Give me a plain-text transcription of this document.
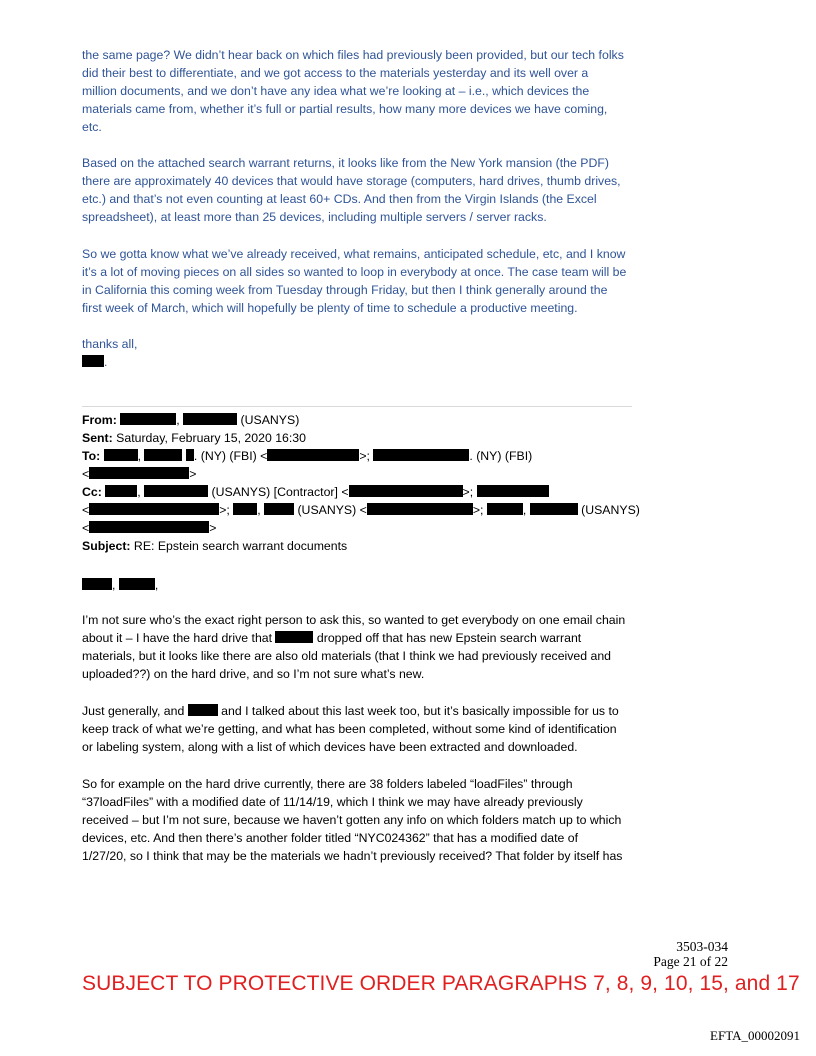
the same page? We didn’t hear back on which files had previously been provided, but our tech folks
did their best to differentiate, and we got access to the materials yesterday and its well over a
million documents, and we don’t have any idea what we’re looking at – i.e., which devices the
materials came from, whether it’s full or partial results, how many more devices we have coming,
etc.
Based on the attached search warrant returns, it looks like from the New York mansion (the PDF)
there are approximately 40 devices that would have storage (computers, hard drives, thumb drives,
etc.) and that’s not even counting at least 60+ CDs. And then from the Virgin Islands (the Excel
spreadsheet), at least more than 25 devices, including multiple servers / server racks.
So we gotta know what we’ve already received, what remains, anticipated schedule, etc, and I know
it’s a lot of moving pieces on all sides so wanted to loop in everybody at once. The case team will be
in California this coming week from Tuesday through Friday, but then I think generally around the
first week of March, which will hopefully be plenty of time to schedule a productive meeting.
thanks all,
.
From:	,	(USANYS)
Sent: Saturday, February 15, 2020 16:30
To:	,	. (NY) (FBI) <	>;	. (NY) (FBI)
<	>
Cc:	,	(USANYS) [Contractor] <	>;
<	>; ,	(USANYS) <	>;	,	(USANYS)
<	>
Subject: RE: Epstein search warrant documents
,	,
I’m not sure who’s the exact right person to ask this, so wanted to get everybody on one email chain
about it – I have the hard drive that	dropped off that has new Epstein search warrant
materials, but it looks like there are also old materials (that I think we had previously received and
uploaded??) on the hard drive, and so I’m not sure what’s new.
Just generally, and	and I talked about this last week too, but it’s basically impossible for us to
keep track of what we’re getting, and what has been completed, without some kind of identification
or labeling system, along with a list of which devices have been extracted and downloaded.
So for example on the hard drive currently, there are 38 folders labeled “loadFiles” through
“37loadFiles” with a modified date of 11/14/19, which I think we may have already previously
received – but I’m not sure, because we haven’t gotten any info on which folders match up to which
devices, etc. And then there’s another folder titled “NYC024362” that has a modified date of
1/27/20, so I think that may be the materials we hadn’t previously received? That folder by itself has
3503-034
Page 21 of 22
SUBJECT TO PROTECTIVE ORDER PARAGRAPHS 7, 8, 9, 10, 15, and 17
EFTA_00002091
